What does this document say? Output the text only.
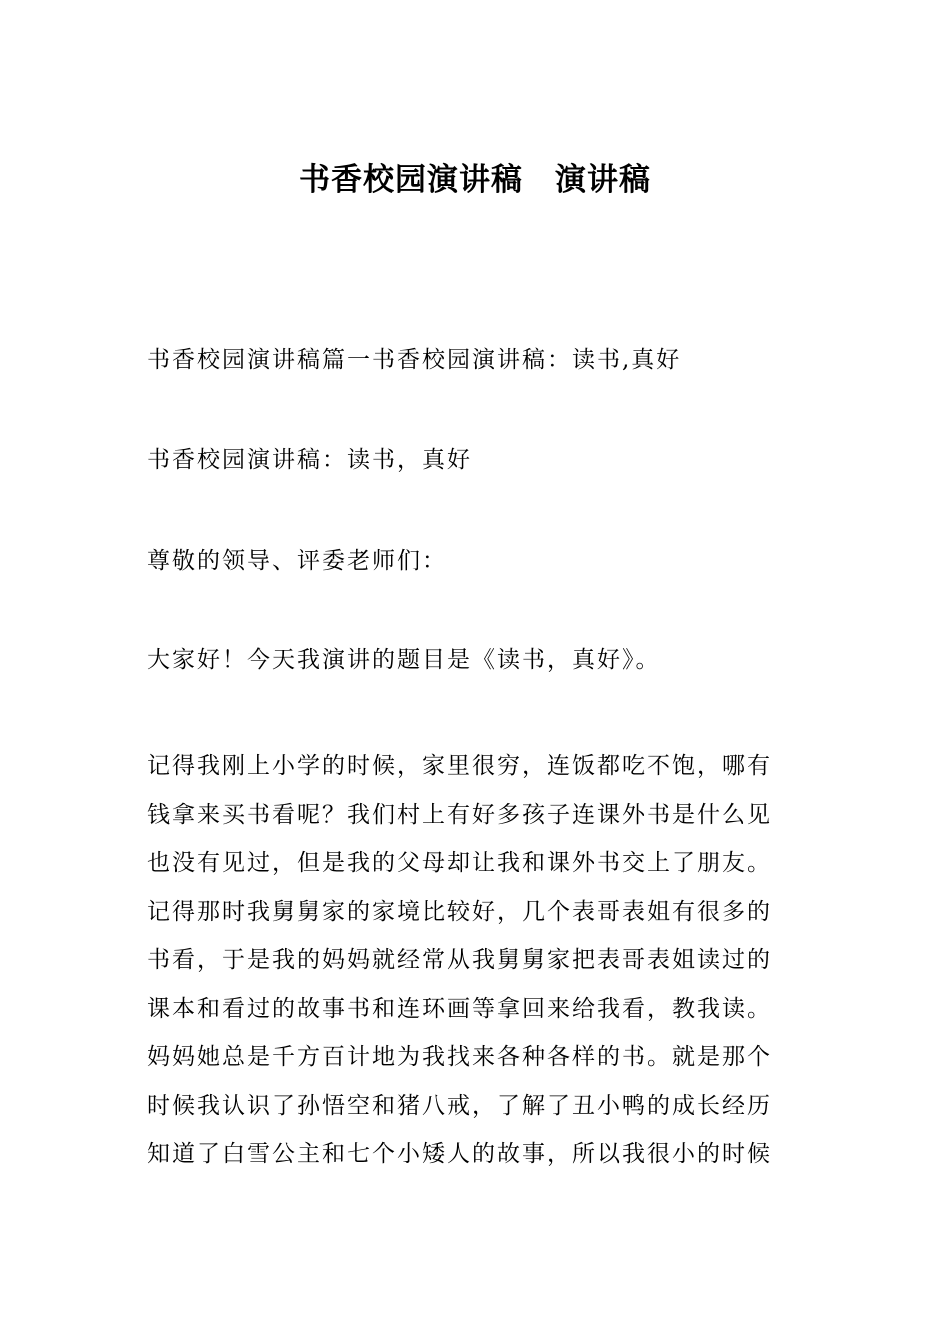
书香校园演讲稿　演讲稿

书香校园演讲稿篇一书香校园演讲稿：读书,真好

书香校园演讲稿：读书，真好

尊敬的领导、评委老师们：

大家好！今天我演讲的题目是《读书，真好》。

记得我刚上小学的时候，家里很穷，连饭都吃不饱，哪有
钱拿来买书看呢？我们村上有好多孩子连课外书是什么见
也没有见过，但是我的父母却让我和课外书交上了朋友。
记得那时我舅舅家的家境比较好，几个表哥表姐有很多的
书看，于是我的妈妈就经常从我舅舅家把表哥表姐读过的
课本和看过的故事书和连环画等拿回来给我看，教我读。
妈妈她总是千方百计地为我找来各种各样的书。就是那个
时候我认识了孙悟空和猪八戒，了解了丑小鸭的成长经历
知道了白雪公主和七个小矮人的故事，所以我很小的时候
